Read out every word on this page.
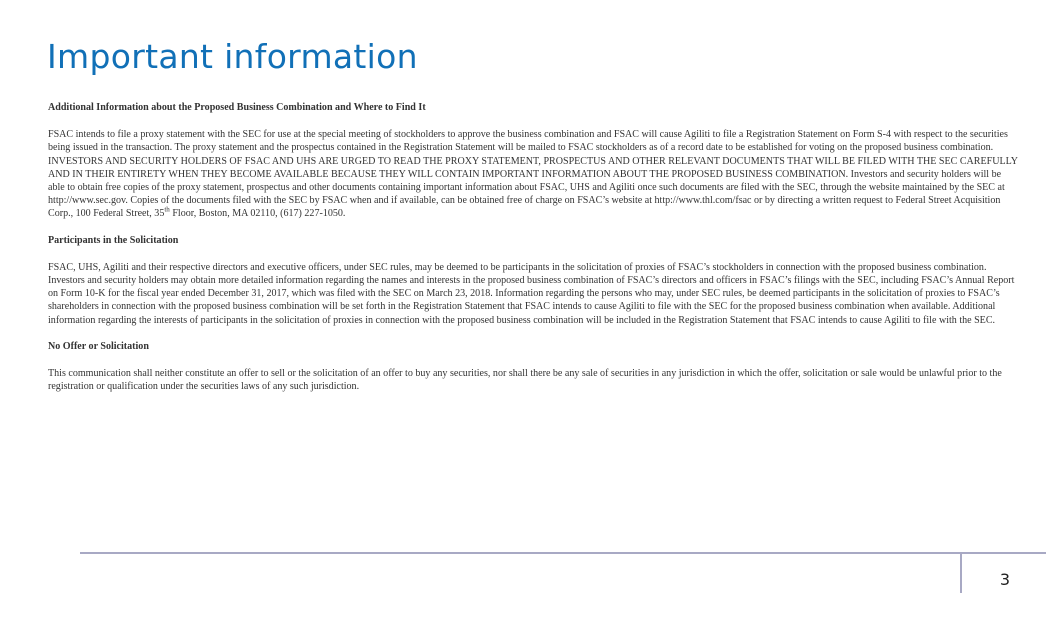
Important information
Additional Information about the Proposed Business Combination and Where to Find It
FSAC intends to file a proxy statement with the SEC for use at the special meeting of stockholders to approve the business combination and FSAC will cause Agiliti to file a Registration Statement on Form S-4 with respect to the securities being issued in the transaction. The proxy statement and the prospectus contained in the Registration Statement will be mailed to FSAC stockholders as of a record date to be established for voting on the proposed business combination. INVESTORS AND SECURITY HOLDERS OF FSAC AND UHS ARE URGED TO READ THE PROXY STATEMENT, PROSPECTUS AND OTHER RELEVANT DOCUMENTS THAT WILL BE FILED WITH THE SEC CAREFULLY AND IN THEIR ENTIRETY WHEN THEY BECOME AVAILABLE BECAUSE THEY WILL CONTAIN IMPORTANT INFORMATION ABOUT THE PROPOSED BUSINESS COMBINATION. Investors and security holders will be able to obtain free copies of the proxy statement, prospectus and other documents containing important information about FSAC, UHS and Agiliti once such documents are filed with the SEC, through the website maintained by the SEC at http://www.sec.gov. Copies of the documents filed with the SEC by FSAC when and if available, can be obtained free of charge on FSAC’s website at http://www.thl.com/fsac or by directing a written request to Federal Street Acquisition Corp., 100 Federal Street, 35th Floor, Boston, MA 02110, (617) 227-1050.
Participants in the Solicitation
FSAC, UHS, Agiliti and their respective directors and executive officers, under SEC rules, may be deemed to be participants in the solicitation of proxies of FSAC’s stockholders in connection with the proposed business combination. Investors and security holders may obtain more detailed information regarding the names and interests in the proposed business combination of FSAC’s directors and officers in FSAC’s filings with the SEC, including FSAC’s Annual Report on Form 10-K for the fiscal year ended December 31, 2017, which was filed with the SEC on March 23, 2018. Information regarding the persons who may, under SEC rules, be deemed participants in the solicitation of proxies to FSAC’s shareholders in connection with the proposed business combination will be set forth in the Registration Statement that FSAC intends to cause Agiliti to file with the SEC for the proposed business combination when available. Additional information regarding the interests of participants in the solicitation of proxies in connection with the proposed business combination will be included in the Registration Statement that FSAC intends to cause Agiliti to file with the SEC.
No Offer or Solicitation
This communication shall neither constitute an offer to sell or the solicitation of an offer to buy any securities, nor shall there be any sale of securities in any jurisdiction in which the offer, solicitation or sale would be unlawful prior to the registration or qualification under the securities laws of any such jurisdiction.
3
